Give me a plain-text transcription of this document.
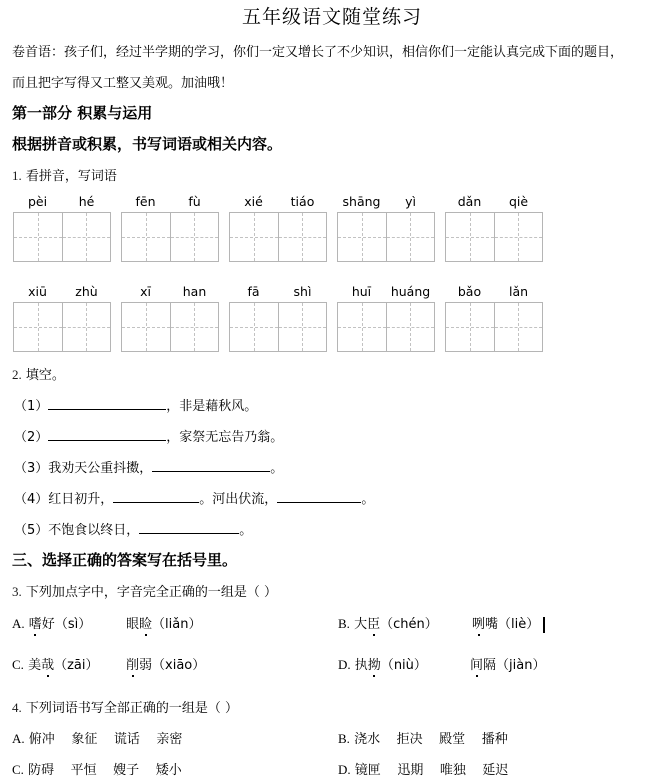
五年级语文随堂练习
卷首语：孩子们，经过半学期的学习，你们一定又增长了不少知识，相信你们一定能认真完成下面的题目，
而且把字写得又工整又美观。加油哦！
第一部分 积累与运用
根据拼音或积累，书写词语或相关内容。
1. 看拼音，写词语
pèi	hé	fēn	fù	xié	tiáo	shāng	yì	dǎn	qiè
xiū	zhù	xī	han	fā	shì	huī	huáng	bǎo	lǎn
2. 填空。
（1）	，非是藉秋风。
（2）	，家祭无忘告乃翁。
（3）我劝天公重抖擞，	。
（4）红日初升，	。河出伏流，	。
（5）不饱食以终日，	。
三、选择正确的答案写在括号里。
3. 下列加点字中，字音完全正确的一组是（ ）
A. 嗜好（sì）	眼睑（liǎn）	B. 大臣（chén）	咧嘴（liè）
C. 美哉（zāi） 削弱（xiāo）	D. 执拗（niù）	间隔（jiàn）
4. 下列词语书写全部正确的一组是（ ）
A. 俯冲 象征 谎话 亲密	B. 浇水 拒决 殿堂 播种
C. 防碍 平恒 嫂子 矮小	D. 镜匣 迅期 唯独 延迟
